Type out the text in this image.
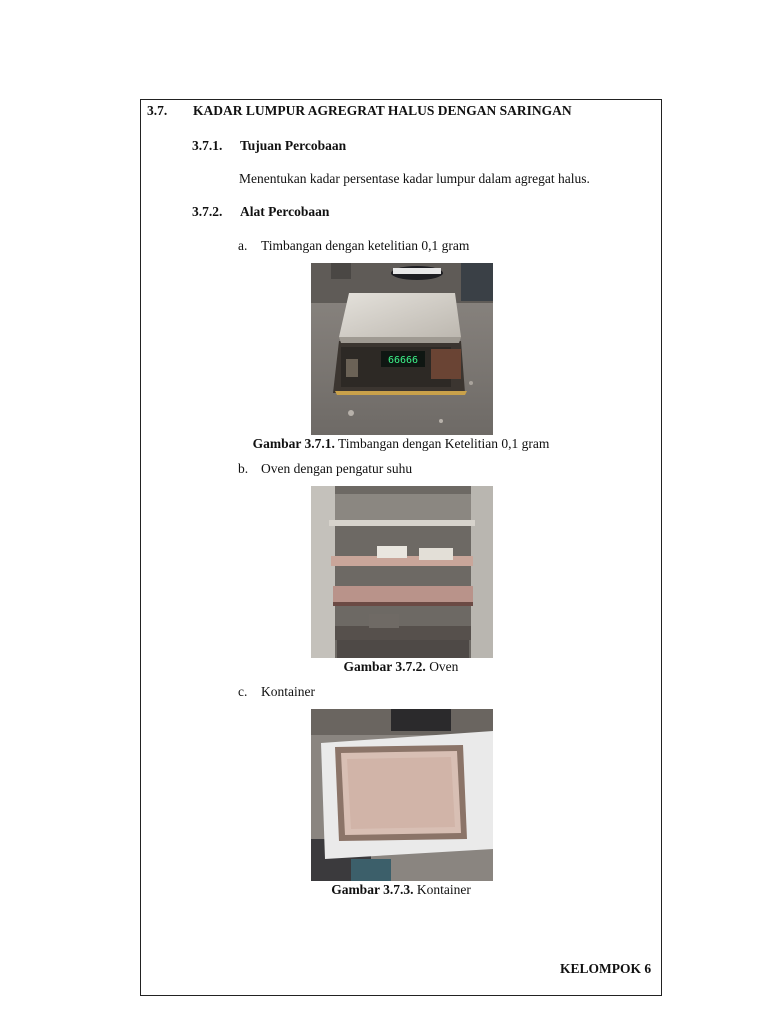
3.7. KADAR LUMPUR AGREGRAT HALUS DENGAN SARINGAN
3.7.1. Tujuan Percobaan
Menentukan kadar persentase kadar lumpur dalam agregat halus.
3.7.2. Alat Percobaan
a. Timbangan dengan ketelitian 0,1 gram
66666
Gambar 3.7.1. Timbangan dengan Ketelitian 0,1 gram
b. Oven dengan pengatur suhu
Gambar 3.7.2. Oven
c. Kontainer
Gambar 3.7.3. Kontainer
KELOMPOK 6
